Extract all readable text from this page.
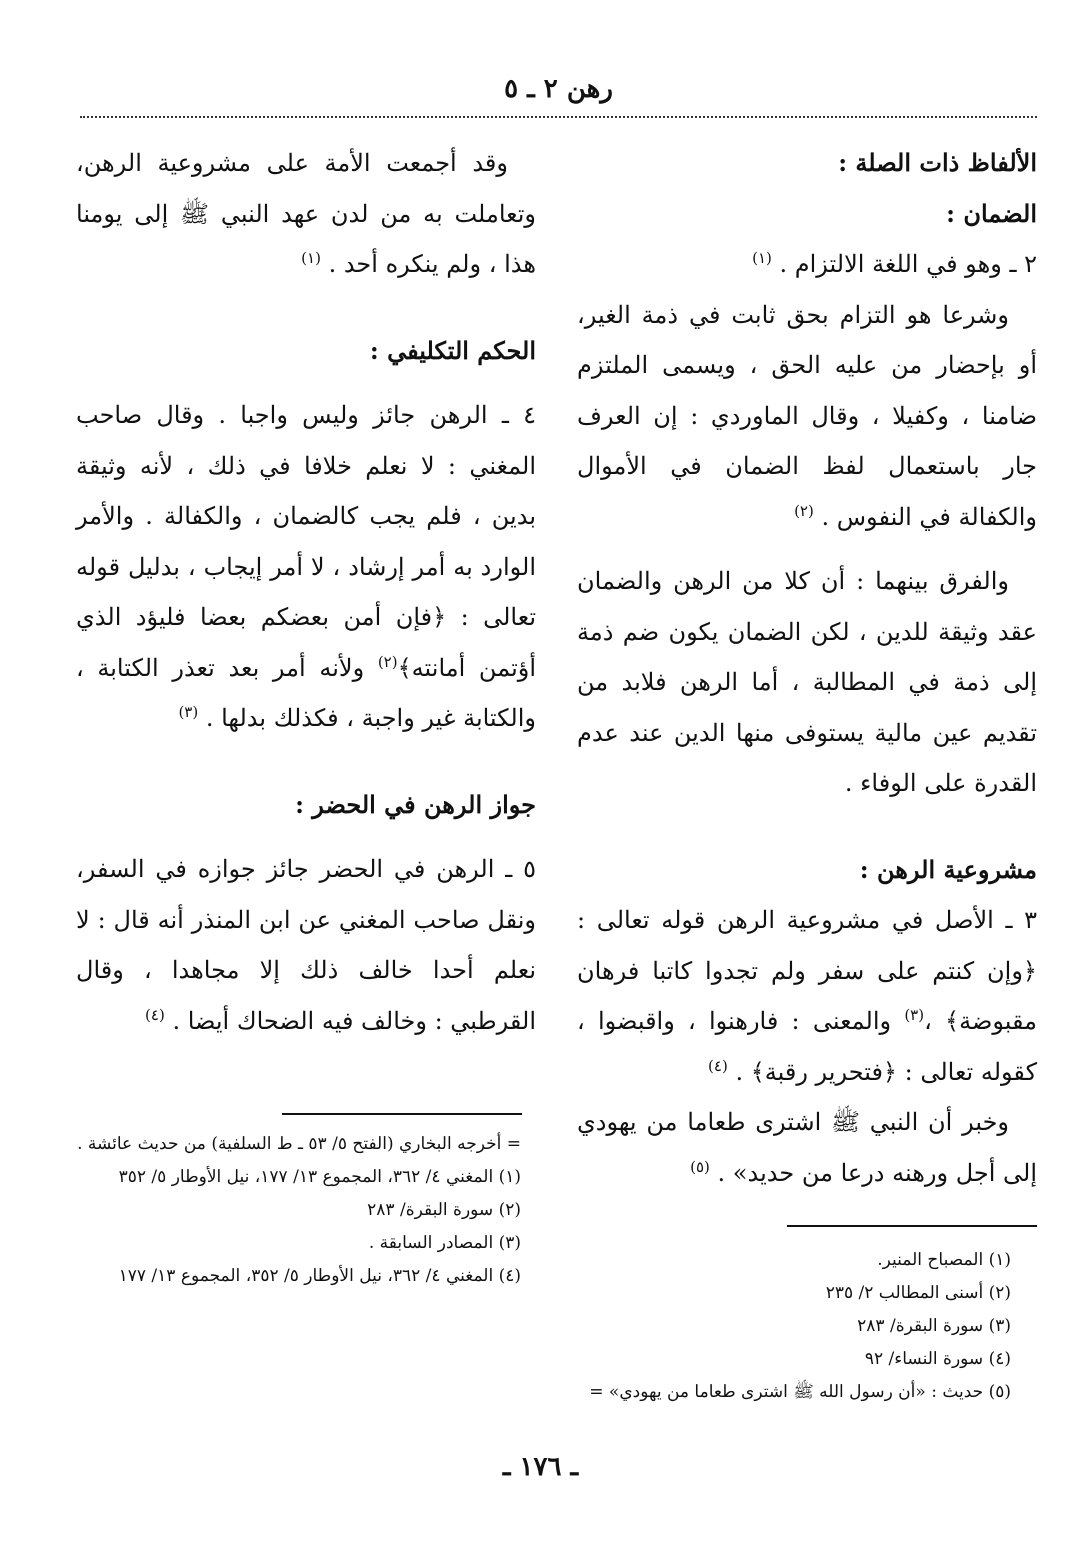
رهن ٢ ـ ٥

الألفاظ ذات الصلة :

الضمان :

٢ ـ وهو في اللغة الالتزام . $^{(١)}$

وشرعا هو التزام بحق ثابت في ذمة الغير، أو بإحضار من عليه الحق ، ويسمى الملتزم ضامنا ، وكفيلا ، وقال الماوردي : إن العرف جار باستعمال لفظ الضمان في الأموال والكفالة في النفوس . $^{(٢)}$

والفرق بينهما : أن كلا من الرهن والضمان عقد وثيقة للدين ، لكن الضمان يكون ضم ذمة إلى ذمة في المطالبة ، أما الرهن فلابد من تقديم عين مالية يستوفى منها الدين عند عدم القدرة على الوفاء .

مشروعية الرهن :

٣ ـ الأصل في مشروعية الرهن قوله تعالى : ﴿وإن كنتم على سفر ولم تجدوا كاتبا فرهان مقبوضة﴾ ،$^{(٣)}$ والمعنى : فارهنوا ، واقبضوا ، كقوله تعالى : ﴿فتحرير رقبة﴾ . $^{(٤)}$

وخبر أن النبي ﷺ اشترى طعاما من يهودي إلى أجل ورهنه درعا من حديد» . $^{(٥)}$

وقد أجمعت الأمة على مشروعية الرهن، وتعاملت به من لدن عهد النبي ﷺ إلى يومنا هذا ، ولم ينكره أحد . $^{(١)}$

الحكم التكليفي :

٤ ـ الرهن جائز وليس واجبا . وقال صاحب المغني : لا نعلم خلافا في ذلك ، لأنه وثيقة بدين ، فلم يجب كالضمان ، والكفالة . والأمر الوارد به أمر إرشاد ، لا أمر إيجاب ، بدليل قوله تعالى : ﴿فإن أمن بعضكم بعضا فليؤد الذي أؤتمن أمانته﴾$^{(٢)}$ ولأنه أمر بعد تعذر الكتابة ، والكتابة غير واجبة ، فكذلك بدلها . $^{(٣)}$

جواز الرهن في الحضر :

٥ ـ الرهن في الحضر جائز جوازه في السفر، ونقل صاحب المغني عن ابن المنذر أنه قال : لا نعلم أحدا خالف ذلك إلا مجاهدا ، وقال القرطبي : وخالف فيه الضحاك أيضا . $^{(٤)}$

(١) المصباح المنير.

(٢) أسنى المطالب ٢/ ٢٣٥

(٣) سورة البقرة/ ٢٨٣

(٤) سورة النساء/ ٩٢

(٥) حديث : «أن رسول الله ﷺ اشترى طعاما من يهودي» =

= أخرجه البخاري (الفتح ٥/ ٥٣ ـ ط السلفية) من حديث عائشة .

(١) المغني ٤/ ٣٦٢، المجموع ١٣/ ١٧٧، نيل الأوطار ٥/ ٣٥٢

(٢) سورة البقرة/ ٢٨٣

(٣) المصادر السابقة .

(٤) المغني ٤/ ٣٦٢، نيل الأوطار ٥/ ٣٥٢، المجموع ١٣/ ١٧٧

ـ ١٧٦ ـ
